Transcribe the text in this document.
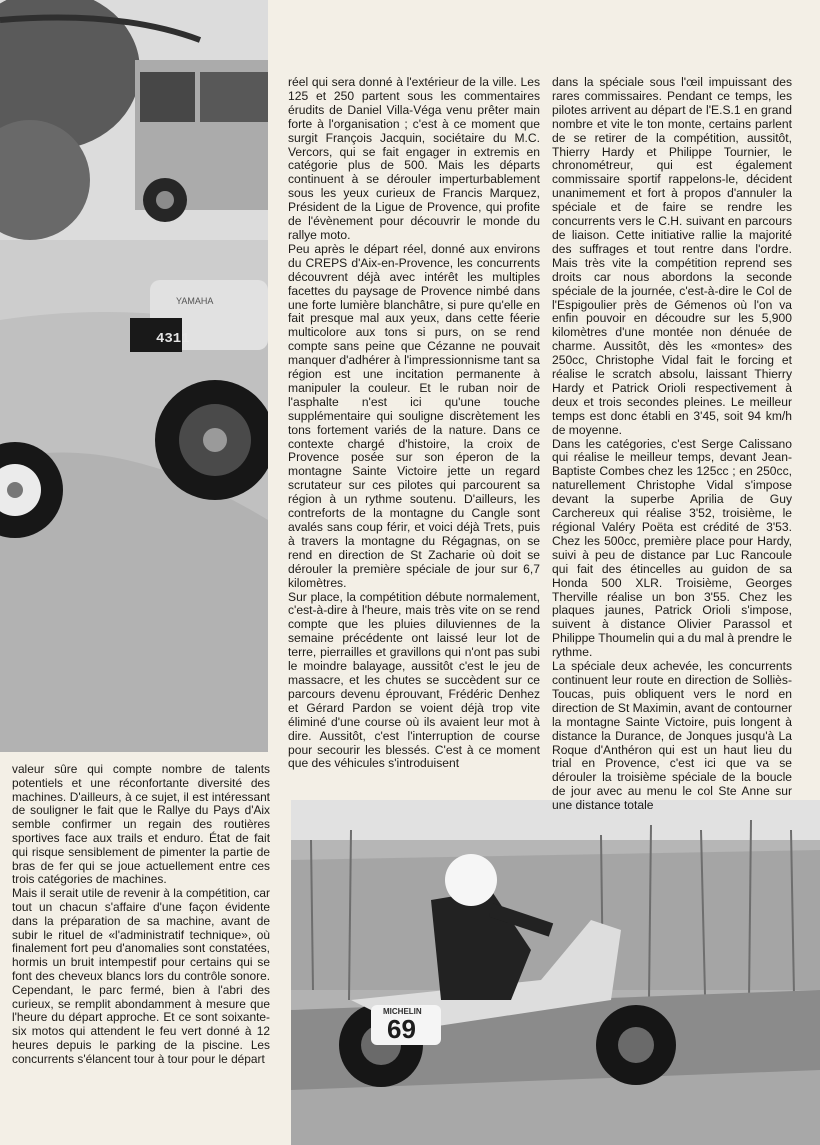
4311
YAMAHA
69
MICHELIN

valeur sûre qui compte nombre de talents potentiels et une réconfortante diversité des machines. D'ailleurs, à ce sujet, il est intéressant de souligner le fait que le Rallye du Pays d'Aix semble confirmer un regain des routières sportives face aux trails et enduro. État de fait qui risque sensiblement de pimenter la partie de bras de fer qui se joue actuellement entre ces trois catégories de machines.

Mais il serait utile de revenir à la compétition, car tout un chacun s'affaire d'une façon évidente dans la préparation de sa machine, avant de subir le rituel de «l'administratif technique», où finalement fort peu d'anomalies sont constatées, hormis un bruit intempestif pour certains qui se font des cheveux blancs lors du contrôle sonore. Cependant, le parc fermé, bien à l'abri des curieux, se remplit abondamment à mesure que l'heure du départ approche. Et ce sont soixante-six motos qui attendent le feu vert donné à 12 heures depuis le parking de la piscine. Les concurrents s'élancent tour à tour pour le départ

réel qui sera donné à l'extérieur de la ville. Les 125 et 250 partent sous les commentaires érudits de Daniel Villa-Véga venu prêter main forte à l'organisation ; c'est à ce moment que surgit François Jacquin, sociétaire du M.C. Vercors, qui se fait engager in extremis en catégorie plus de 500. Mais les départs continuent à se dérouler imperturbablement sous les yeux curieux de Francis Marquez, Président de la Ligue de Provence, qui profite de l'évènement pour découvrir le monde du rallye moto.

Peu après le départ réel, donné aux environs du CREPS d'Aix-en-Provence, les concurrents découvrent déjà avec intérêt les multiples facettes du paysage de Provence nimbé dans une forte lumière blanchâtre, si pure qu'elle en fait presque mal aux yeux, dans cette féerie multicolore aux tons si purs, on se rend compte sans peine que Cézanne ne pouvait manquer d'adhérer à l'impressionnisme tant sa région est une incitation permanente à manipuler la couleur. Et le ruban noir de l'asphalte n'est ici qu'une touche supplémentaire qui souligne discrètement les tons fortement variés de la nature. Dans ce contexte chargé d'histoire, la croix de Provence posée sur son éperon de la montagne Sainte Victoire jette un regard scrutateur sur ces pilotes qui parcourent sa région à un rythme soutenu. D'ailleurs, les contreforts de la montagne du Cangle sont avalés sans coup férir, et voici déjà Trets, puis à travers la montagne du Régagnas, on se rend en direction de St Zacharie où doit se dérouler la première spéciale de jour sur 6,7 kilomètres.

Sur place, la compétition débute normalement, c'est-à-dire à l'heure, mais très vite on se rend compte que les pluies diluviennes de la semaine précédente ont laissé leur lot de terre, pierrailles et gravillons qui n'ont pas subi le moindre balayage, aussitôt c'est le jeu de massacre, et les chutes se succèdent sur ce parcours devenu éprouvant, Frédéric Denhez et Gérard Pardon se voient déjà trop vite éliminé d'une course où ils avaient leur mot à dire. Aussitôt, c'est l'interruption de course pour secourir les blessés. C'est à ce moment que des véhicules s'introduisent

dans la spéciale sous l'œil impuissant des rares commissaires. Pendant ce temps, les pilotes arrivent au départ de l'E.S.1 en grand nombre et vite le ton monte, certains parlent de se retirer de la compétition, aussitôt, Thierry Hardy et Philippe Tournier, le chronométreur, qui est également commissaire sportif rappelons-le, décident unanimement et fort à propos d'annuler la spéciale et de faire se rendre les concurrents vers le C.H. suivant en parcours de liaison. Cette initiative rallie la majorité des suffrages et tout rentre dans l'ordre. Mais très vite la compétition reprend ses droits car nous abordons la seconde spéciale de la journée, c'est-à-dire le Col de l'Espigoulier près de Gémenos où l'on va enfin pouvoir en découdre sur les 5,900 kilomètres d'une montée non dénuée de charme. Aussitôt, dès les «montes» des 250cc, Christophe Vidal fait le forcing et réalise le scratch absolu, laissant Thierry Hardy et Patrick Orioli respectivement à deux et trois secondes pleines. Le meilleur temps est donc établi en 3'45, soit 94 km/h de moyenne.

Dans les catégories, c'est Serge Calissano qui réalise le meilleur temps, devant Jean-Baptiste Combes chez les 125cc ; en 250cc, naturellement Christophe Vidal s'impose devant la superbe Aprilia de Guy Carchereux qui réalise 3'52, troisième, le régional Valéry Poëta est crédité de 3'53. Chez les 500cc, première place pour Hardy, suivi à peu de distance par Luc Rancoule qui fait des étincelles au guidon de sa Honda 500 XLR. Troisième, Georges Therville réalise un bon 3'55. Chez les plaques jaunes, Patrick Orioli s'impose, suivent à distance Olivier Parassol et Philippe Thoumelin qui a du mal à prendre le rythme.

La spéciale deux achevée, les concurrents continuent leur route en direction de Solliès-Toucas, puis obliquent vers le nord en direction de St Maximin, avant de contourner la montagne Sainte Victoire, puis longent à distance la Durance, de Jonques jusqu'à La Roque d'Anthéron qui est un haut lieu du trial en Provence, c'est ici que va se dérouler la troisième spéciale de la boucle de jour avec au menu le col Ste Anne sur une distance totale
